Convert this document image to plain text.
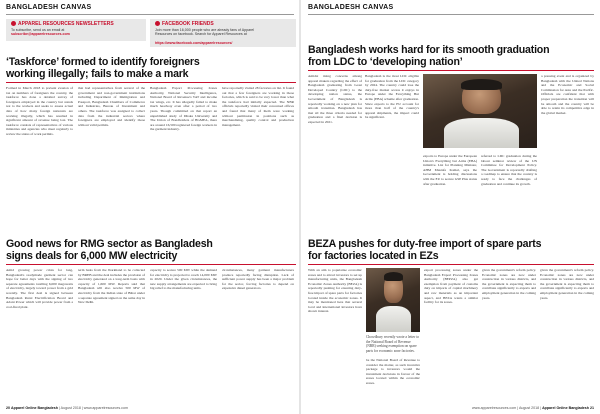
BANGLADESH CANVAS
APPAREL RESOURCES NEWSLETTERS
To subscribe, send us an email at
subscribe@apparelresources.com
FACEBOOK FRIENDS
Join more than 16,000 people who are already fans of Apparel
Resources on facebook. Search for Apparel Resources at
https://www.facebook.com/apparelresources/
‘Taskforce’ formed to identify foreigners
working illegally; fails to make a mark
Formed in March 2018 to prevent evasion of tax on numbers of foreigners the country, the taskforce has done a detailed survey of foreigners employed in the country but stands not to the workers and seeks to assess actual data of how many foreign nationals are working illegally, which has resulted in significant amount of revenue being lost. The taskforce consists of representatives of various ministries and agencies who meet regularly to review the status of work permits.
that had representatives from several of the government and non-government institutions including Department of Immigration and Passport, Bangladesh Chambers of Commerce and Industries, Bureau of Investment and others. The taskforce was assigned to collect data from the industrial sectors where foreigners are employed and identify those without valid permits.
Bangladesh Export Processing Zones Authority, National Security Intelligence, National Board of Revenue's VAT and income tax wings, etc. It has allegedly failed to make much headway even after a period of two years. Though committed on that report an unpublished study of Dhaka University and The Union of Bondholders of BGMEA, there are around 16,500 registered foreign workers in the garment industry.
have reportedly visited 28 factories on list. It found out that a few foreigners are working in those factories, which is said to be very lower than what the taskforce had initially expected. The NBR officials reportedly visited their concerned offices and found that many of them were working without permission in positions such as merchandising, quality control and production management.
Good news for RMG sector as Bangladesh
signs deals for 6,000 MW electricity
Amid growing power crisis for long, Bangladesh's readymade garment sector can hope for better days with the signing of two separate agreements totalling 6,000 megawatts of electricity, largely toward power from a grid recently. The first deal is signed between Bangladesh Rural Electrification Board and Adani Power which will provide power from a coal-fired plant.
term basis from the Jharkhand to be collected by BREB and the deal includes the provision of electricity generated on a long-term basis with capacity of 1,600 MW. Reports said that Bangladesh will also receive 500 MW of electricity from the Indian state of Bihar under a separate agreement signed on the same day in New Delhi.
capacity to secure 500 MW while the demand for electricity is projected to reach 14,000 MW in 2020. Under the given circumstances, the new supply arrangements are expected to bring big relief to the manufacturing units.
circumstances, many garment manufacturers produce reportedly facing disruption. Lack of sufficient power supply has been a major problem for the sector, forcing factories to depend on expensive diesel generators.
20 Apparel Online Bangladesh | August 2018 | www.apparelresources.com
BANGLADESH CANVAS
Bangladesh works hard for its smooth graduation
from LDC to ‘developing nation’
Amidst rising concerns among apparel makers regarding the effect of Bangladesh graduating from Least Developed Country (LDC) to the developing nation status, the Government of Bangladesh is reportedly working on a new plan for smooth transition. Bangladesh has met all the three criteria needed for graduation and a final decision is expected in 2021.
Bangladesh is the most LDC eligible for graduation from the LDC category by 2024. The country could lose the duty-free market access it enjoys in Europe under the Everything But Arms (EBA) scheme after graduation. Since exports to the EU account for more than half of the country's apparel shipments, the impact could be significant.
exports to Europe under the European Union's Everything but Arms (EBA) initiative. List for Planning Minister, AHM Mustafa Kamal, says the Government is holding discussions with the EU to secure GSP Plus status after graduation.
referred to LDC graduation during the labour seminar review of the UN Committee for Development Policy. The Government is reportedly drafting a roadmap to ensure that the country is ready to face the challenges of graduation and continue its growth.
a pressing event and is organized by Bangladesh with the United Nations and the Economic and Social Commission for Asia and the Pacific. Officials are confident that with proper preparation the transition will be smooth and the country will be able to retain its competitive edge in the global market.
BEZA pushes for duty-free import of spare parts
for factories located in EZs
With an aim to popularise economic zones and to attract investors to set up manufacturing units, the Bangladesh Economic Zones Authority (BEZA) is reportedly pushing for ensuring duty-free import of spare parts for factories located inside the economic zones. It may be mentioned here that several local and international investors have shown interest.
Chowdhury recently wrote a letter to the National Board of Revenue (NBR) seeking exemption on spare parts for economic zone factories.
be the National Board of Revenue to consider the matter, as such incentive package to investors would the investment decisions in favour of the zones located within the economic zones.
export processing zones under the Bangladesh Export Processing Zones Authority (BEPZA) also get exemption from payment of customs duty on imports of capital machinery and raw materials as an important aspect, and BEZA wants a similar facility for its zones.
given the government's reform policy. Economic zones are now under construction in various districts, and the government is expecting them to contribute significantly to exports and employment generation in the coming years.
given the government's reform policy. Economic zones are now under construction in various districts, and the government is expecting them to contribute significantly to exports and employment generation in the coming years.
www.apparelresources.com | August 2018 | Apparel Online Bangladesh 21
